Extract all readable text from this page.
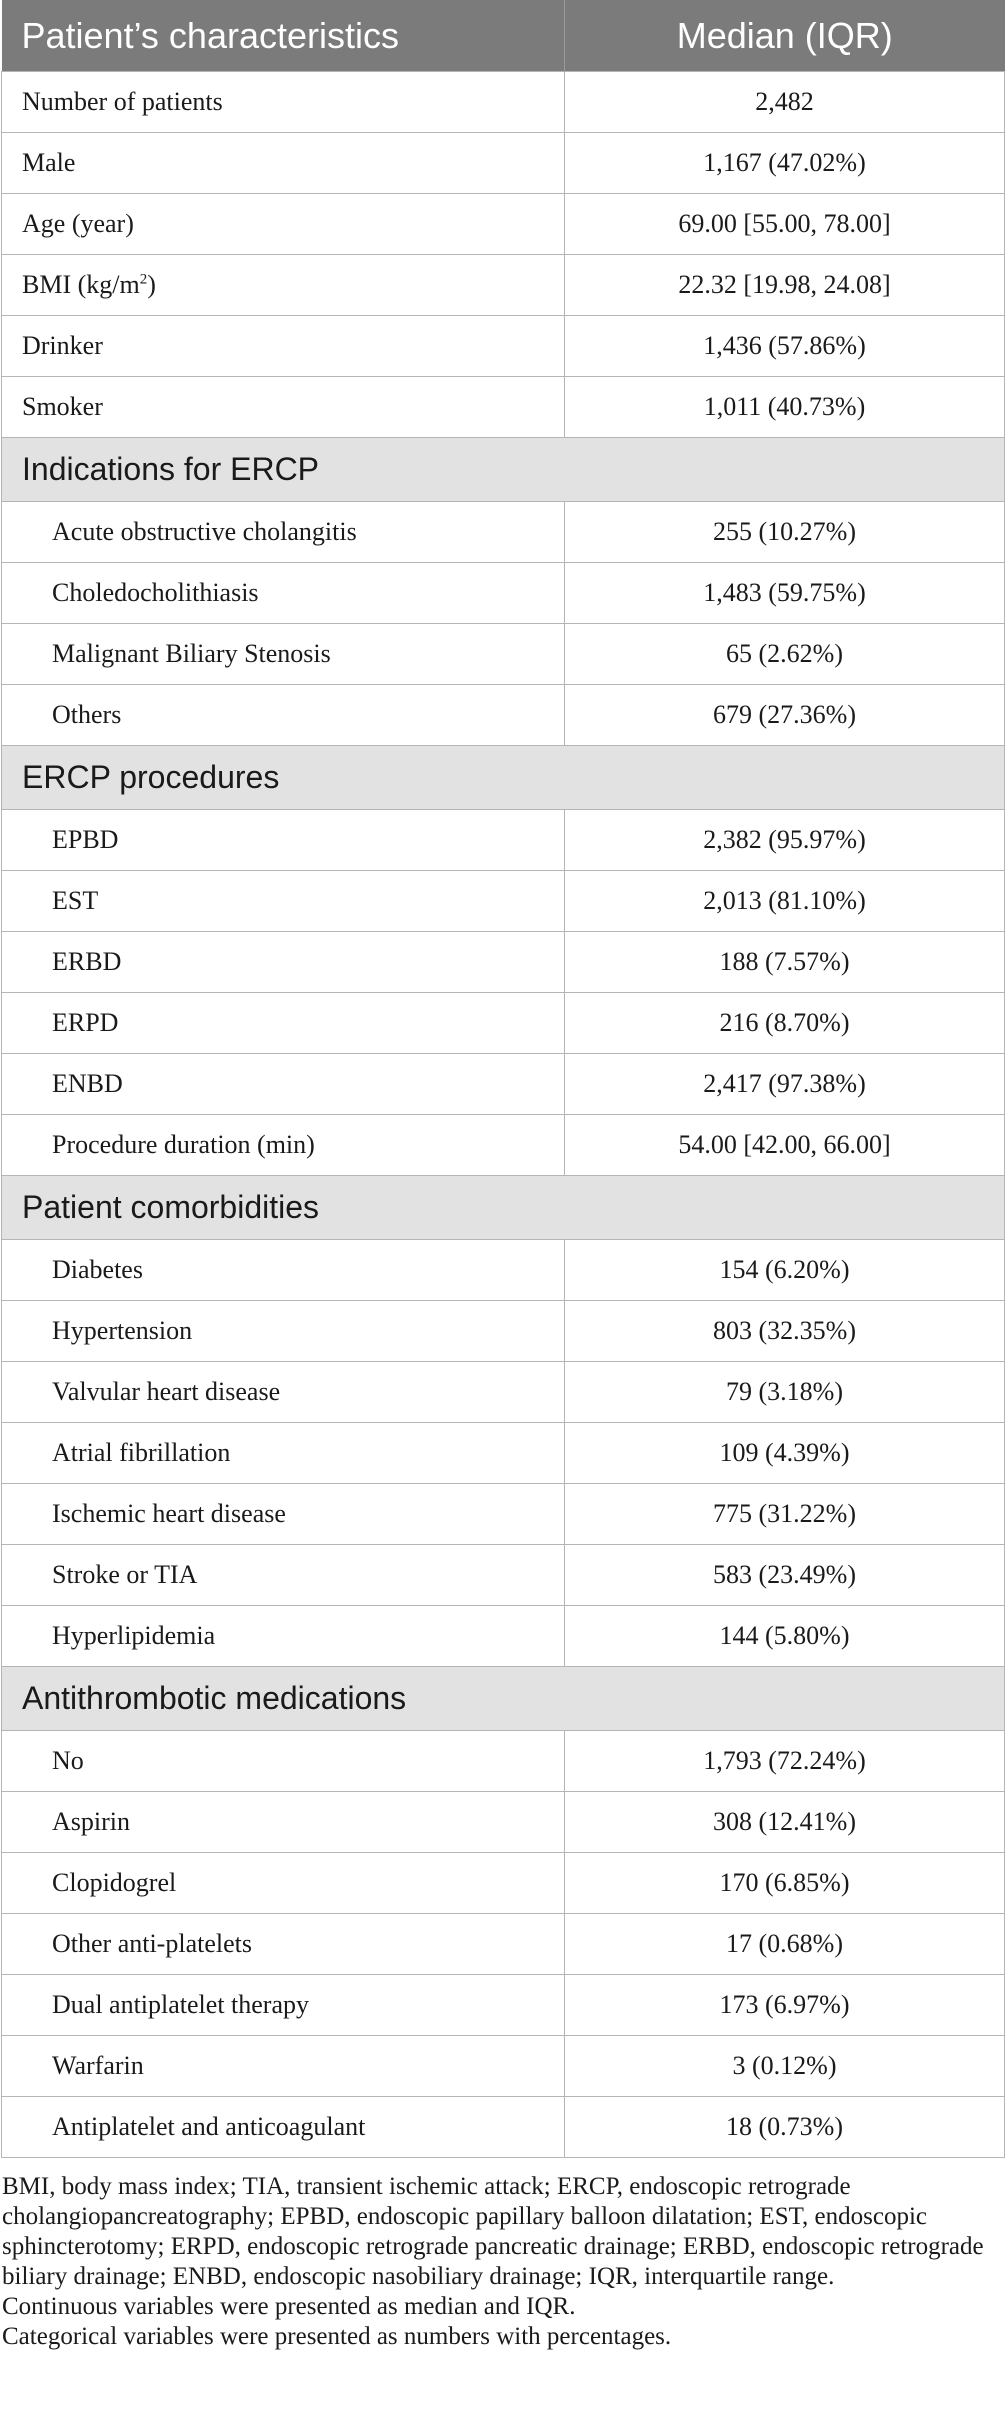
Patient’s characteristics	Median (IQR)
Number of patients	2,482
Male	1,167 (47.02%)
Age (year)	69.00 [55.00, 78.00]
BMI $(kg/m^2)$	22.32 [19.98, 24.08]
Drinker	1,436 (57.86%)
Smoker	1,011 (40.73%)
Indications for ERCP	
Acute obstructive cholangitis	255 (10.27%)
Choledocholithiasis	1,483 (59.75%)
Malignant Biliary Stenosis	65 (2.62%)
Others	679 (27.36%)
ERCP procedures	
EPBD	2,382 (95.97%)
EST	2,013 (81.10%)
ERBD	188 (7.57%)
ERPD	216 (8.70%)
ENBD	2,417 (97.38%)
Procedure duration (min)	54.00 [42.00, 66.00]
Patient comorbidities	
Diabetes	154 (6.20%)
Hypertension	803 (32.35%)
Valvular heart disease	79 (3.18%)
Atrial fibrillation	109 (4.39%)
Ischemic heart disease	775 (31.22%)
Stroke or TIA	583 (23.49%)
Hyperlipidemia	144 (5.80%)
Antithrombotic medications	
No	1,793 (72.24%)
Aspirin	308 (12.41%)
Clopidogrel	170 (6.85%)
Other anti-platelets	17 (0.68%)
Dual antiplatelet therapy	173 (6.97%)
Warfarin	3 (0.12%)
Antiplatelet and anticoagulant	18 (0.73%)

BMI, body mass index; TIA, transient ischemic attack; ERCP, endoscopic retrograde cholangiopancreatography; EPBD, endoscopic papillary balloon dilatation; EST, endoscopic sphincterotomy; ERPD, endoscopic retrograde pancreatic drainage; ERBD, endoscopic retrograde biliary drainage; ENBD, endoscopic nasobiliary drainage; IQR, interquartile range.

Continuous variables were presented as median and IQR.

Categorical variables were presented as numbers with percentages.
